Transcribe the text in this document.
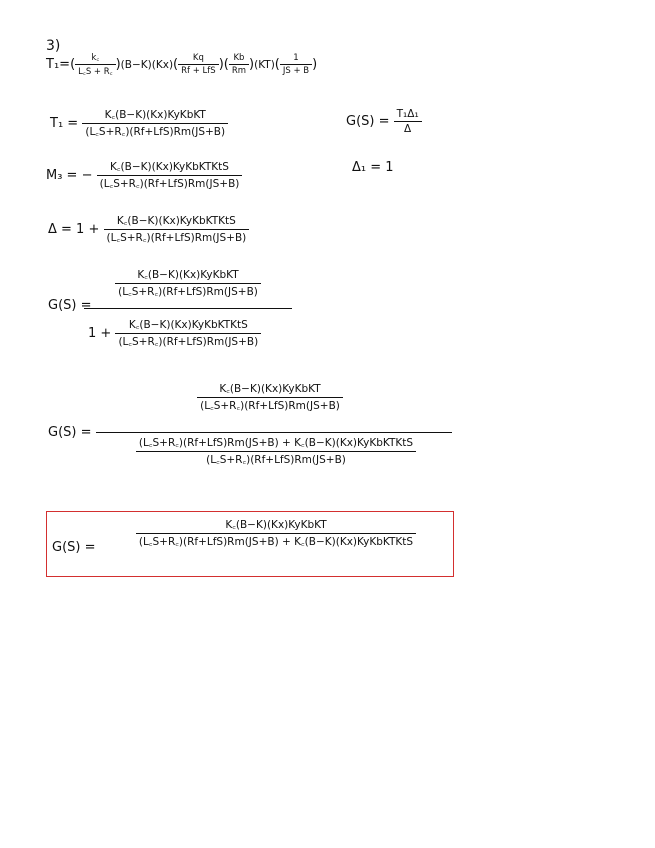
3)
$T_1=( \frac{k꜀}{L꜀S + R꜀} )(B-K)(Kx)( \frac{Kq}{\text{Rf + LfS}}$ )( $\frac{Kb}{Rm} )(KT)( \frac{1}{JS + B}$ )
$T_1 = \frac{\text{K꜀(B−K)(Kx)KyKbKT}}{\text{(L꜀S+R꜀)(Rf+LfS)Rm(JS+B)}}$	$G(S) = \frac{\text{T₁Δ₁}}{\Delta}$
M₃ = − $\frac{\text{K꜀(B−K)(Kx)KyKbKTKtS}}{\text{(L꜀S+R꜀)(Rf+LfS)Rm(JS+B)}}$	Δ₁ = 1
$\Delta = 1 + \frac{\text{K꜀(B−K)(Kx)KyKbKTKtS}}{\text{(L꜀S+R꜀)(Rf+LfS)Rm(JS+B)}}$
G(S) =
$\frac{\text{K꜀(B−K)(Kx)KyKbKT}}{\text{(L꜀S+R꜀)(Rf+LfS)Rm(JS+B)}}$
$1 + \frac{\text{K꜀(B−K)(Kx)KyKbKTKtS}}{\text{(L꜀S+R꜀)(Rf+LfS)Rm(JS+B)}}$
G(S) =
$\frac{\text{K꜀(B−K)(Kx)KyKbKT}}{\text{(L꜀S+R꜀)(Rf+LfS)Rm(JS+B)}}$
$\frac{\text{(L꜀S+R꜀)(Rf+LfS)Rm(JS+B) + K꜀(B−K)(Kx)KyKbKTKtS}}{\text{(L꜀S+R꜀)(Rf+LfS)Rm(JS+B)}}$
G(S) =	$\frac{\text{K꜀(B−K)(Kx)KyKbKT}}{\text{(L꜀S+R꜀)(Rf+LfS)Rm(JS+B) + K꜀(B−K)(Kx)KyKbKTKtS}}$
